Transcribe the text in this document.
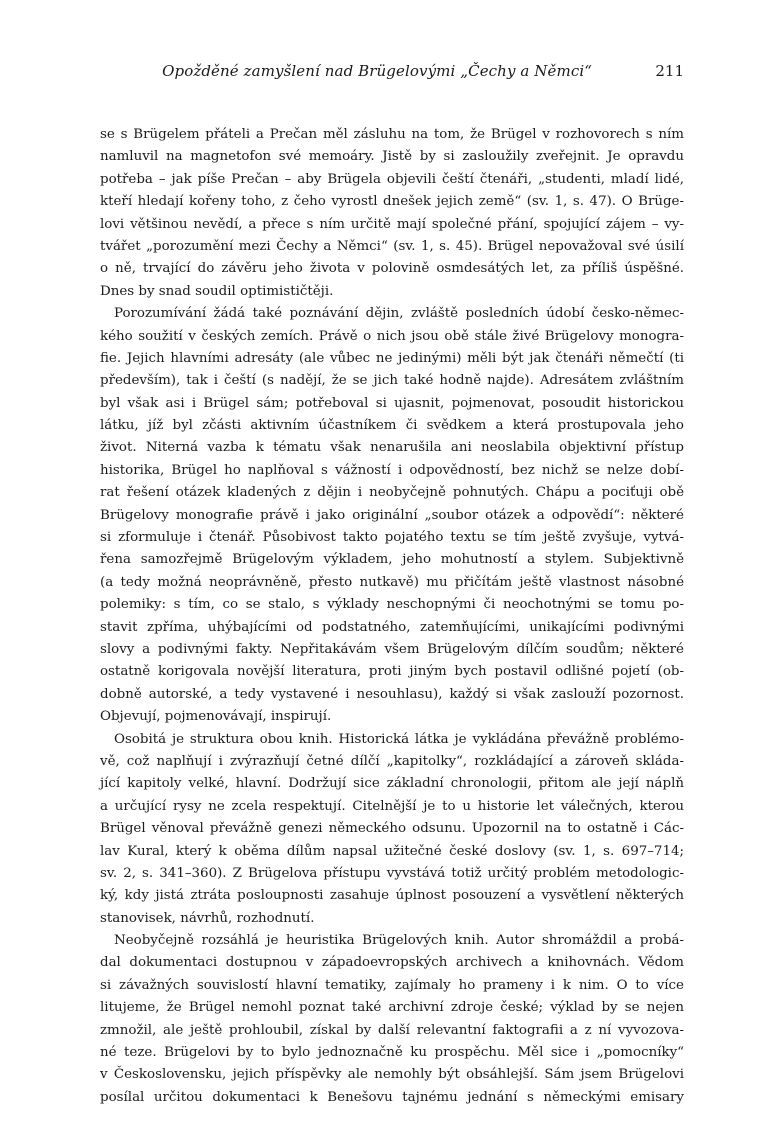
Opožděné zamyšlení nad Brügelovými „Čechy a Němci“	211
se s Brügelem přáteli a Prečan měl zásluhu na tom, že Brügel v rozhovorech s ním
namluvil na magnetofon své memoáry. Jistě by si zasloužily zveřejnit. Je opravdu
potřeba – jak píše Prečan – aby Brügela objevili čeští čtenáři, „studenti, mladí lidé,
kteří hledají kořeny toho, z čeho vyrostl dnešek jejich země“ (sv. 1, s. 47). O Brüge-
lovi většinou nevědí, a přece s ním určitě mají společné přání, spojující zájem – vy-
tvářet „porozumění mezi Čechy a Němci“ (sv. 1, s. 45). Brügel nepovažoval své úsilí
o ně, trvající do závěru jeho života v polovině osmdesátých let, za příliš úspěšné.
Dnes by snad soudil optimističtěji.
Porozumívání žádá také poznávání dějin, zvláště posledních údobí česko-němec-
kého soužití v českých zemích. Právě o nich jsou obě stále živé Brügelovy monogra-
fie. Jejich hlavními adresáty (ale vůbec ne jedinými) měli být jak čtenáři němečtí (ti
především), tak i čeští (s nadějí, že se jich také hodně najde). Adresátem zvláštním
byl však asi i Brügel sám; potřeboval si ujasnit, pojmenovat, posoudit historickou
látku, jíž byl zčásti aktivním účastníkem či svědkem a která prostupovala jeho
život. Niterná vazba k tématu však nenarušila ani neoslabila objektivní přístup
historika, Brügel ho naplňoval s vážností i odpovědností, bez nichž se nelze dobí-
rat řešení otázek kladených z dějin i neobyčejně pohnutých. Chápu a pociťuji obě
Brügelovy monografie právě i jako originální „soubor otázek a odpovědí“: některé
si zformuluje i čtenář. Působivost takto pojatého textu se tím ještě zvyšuje, vytvá-
řena samozřejmě Brügelovým výkladem, jeho mohutností a stylem. Subjektivně
(a tedy možná neoprávněně, přesto nutkavě) mu přičítám ještě vlastnost násobné
polemiky: s tím, co se stalo, s výklady neschopnými či neochotnými se tomu po-
stavit zpříma, uhýbajícími od podstatného, zatemňujícími, unikajícími podivnými
slovy a podivnými fakty. Nepřitakávám všem Brügelovým dílčím soudům; některé
ostatně korigovala novější literatura, proti jiným bych postavil odlišné pojetí (ob-
dobně autorské, a tedy vystavené i nesouhlasu), každý si však zaslouží pozornost.
Objevují, pojmenovávají, inspirují.
Osobitá je struktura obou knih. Historická látka je vykládána převážně problémo-
vě, což naplňují i zvýrazňují četné dílčí „kapitolky“, rozkládající a zároveň skláda-
jící kapitoly velké, hlavní. Dodržují sice základní chronologii, přitom ale její náplň
a určující rysy ne zcela respektují. Citelnější je to u historie let válečných, kterou
Brügel věnoval převážně genezi německého odsunu. Upozornil na to ostatně i Các-
lav Kural, který k oběma dílům napsal užitečné české doslovy (sv. 1, s. 697–714;
sv. 2, s. 341–360). Z Brügelova přístupu vyvstává totiž určitý problém metodologic-
ký, kdy jistá ztráta posloupnosti zasahuje úplnost posouzení a vysvětlení některých
stanovisek, návrhů, rozhodnutí.
Neobyčejně rozsáhlá je heuristika Brügelových knih. Autor shromáždil a probá-
dal dokumentaci dostupnou v západoevropských archivech a knihovnách. Vědom
si závažných souvislostí hlavní tematiky, zajímaly ho prameny i k nim. O to více
litujeme, že Brügel nemohl poznat také archivní zdroje české; výklad by se nejen
zmnožil, ale ještě prohloubil, získal by další relevantní faktografii a z ní vyvozova-
né teze. Brügelovi by to bylo jednoznačně ku prospěchu. Měl sice i „pomocníky“
v Československu, jejich příspěvky ale nemohly být obsáhlejší. Sám jsem Brügelovi
posílal určitou dokumentaci k Benešovu tajnému jednání s německými emisary
